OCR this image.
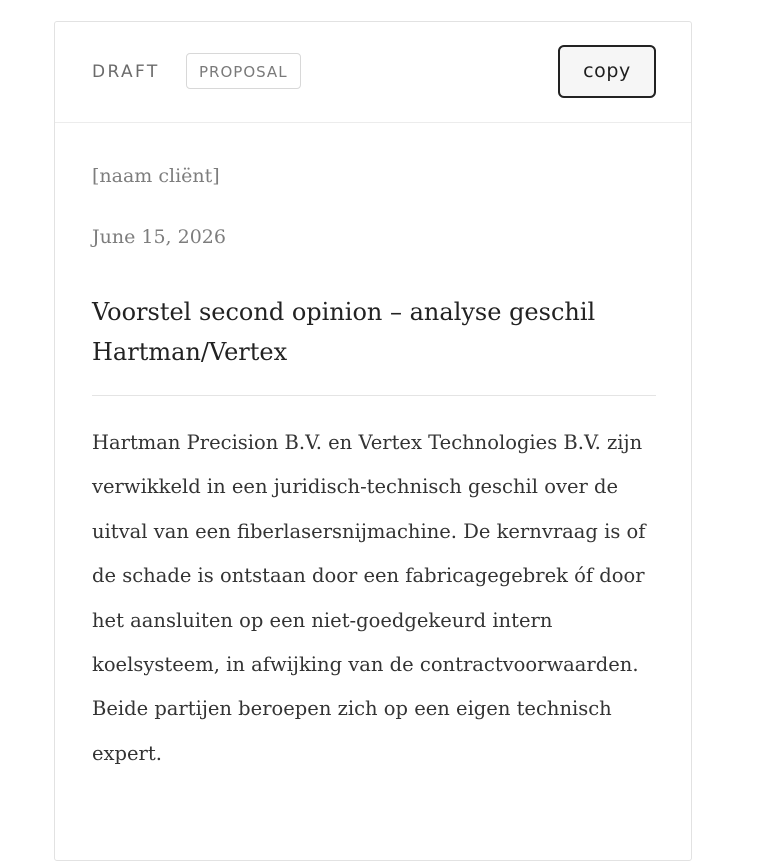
DRAFT	PROPOSAL	copy
[naam cliënt]
June 15, 2026
Voorstel second opinion – analyse geschil Hartman/Vertex

Hartman Precision B.V. en Vertex Technologies B.V. zijn verwikkeld in een juridisch-technisch geschil over de uitval van een fiberlasersnijmachine. De kernvraag is of de schade is ontstaan door een fabricagegebrek óf door het aansluiten op een niet-goedgekeurd intern koelsysteem, in afwijking van de contractvoorwaarden. Beide partijen beroepen zich op een eigen technisch expert.
